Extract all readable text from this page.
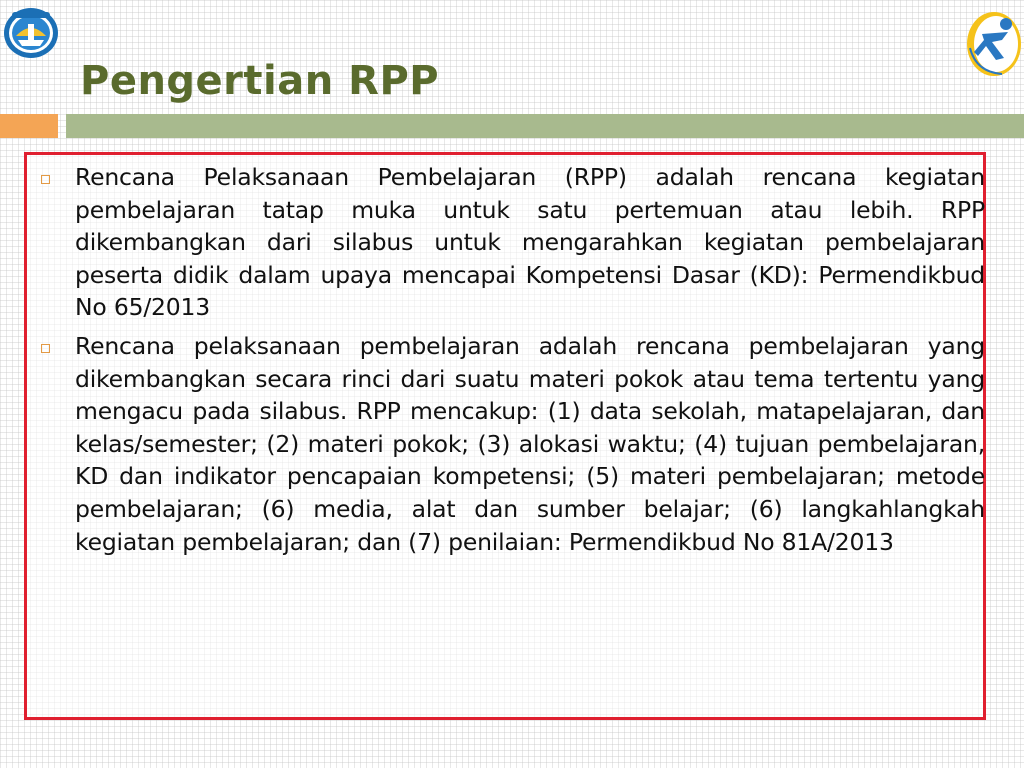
Pengertian RPP
Rencana Pelaksanaan Pembelajaran (RPP) adalah rencana kegiatan pembelajaran tatap muka untuk satu pertemuan atau lebih. RPP dikembangkan dari silabus untuk mengarahkan kegiatan pembelajaran peserta didik dalam upaya mencapai Kompetensi Dasar (KD): Permendikbud No 65/2013
Rencana pelaksanaan pembelajaran adalah rencana pembelajaran yang dikembangkan secara rinci dari suatu materi pokok atau tema tertentu yang mengacu pada silabus. RPP mencakup: (1) data sekolah, matapelajaran, dan kelas/semester; (2) materi pokok; (3) alokasi waktu; (4) tujuan pembelajaran, KD dan indikator pencapaian kompetensi; (5) materi pembelajaran; metode pembelajaran; (6) media, alat dan sumber belajar; (6) langkahlangkah kegiatan pembelajaran; dan (7) penilaian: Permendikbud No 81A/2013
